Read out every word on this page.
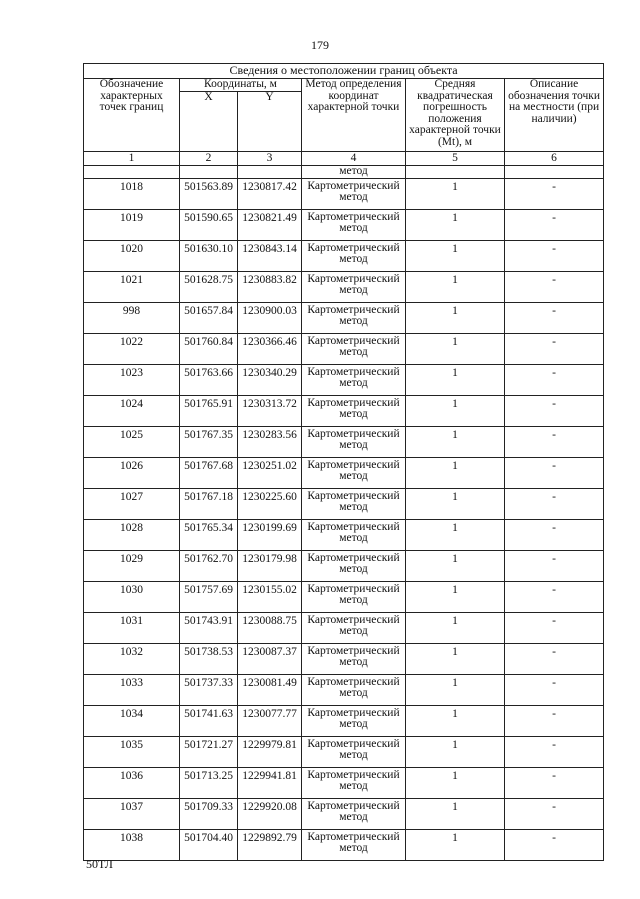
179
Сведения о местоположении границ объекта					
Обозначение характерных точек границ	Координаты, м		Метод определения координат характерной точки	Средняя квадратическая погрешность положения характерной точки (Mt), м	Описание обозначения точки на местности (при наличии)
	X	Y			
1	2	3	4	5	6
			метод		
1018	501563.89	1230817.42	Картометрический метод	1	-
1019	501590.65	1230821.49	Картометрический метод	1	-
1020	501630.10	1230843.14	Картометрический метод	1	-
1021	501628.75	1230883.82	Картометрический метод	1	-
998	501657.84	1230900.03	Картометрический метод	1	-
1022	501760.84	1230366.46	Картометрический метод	1	-
1023	501763.66	1230340.29	Картометрический метод	1	-
1024	501765.91	1230313.72	Картометрический метод	1	-
1025	501767.35	1230283.56	Картометрический метод	1	-
1026	501767.68	1230251.02	Картометрический метод	1	-
1027	501767.18	1230225.60	Картометрический метод	1	-
1028	501765.34	1230199.69	Картометрический метод	1	-
1029	501762.70	1230179.98	Картометрический метод	1	-
1030	501757.69	1230155.02	Картометрический метод	1	-
1031	501743.91	1230088.75	Картометрический метод	1	-
1032	501738.53	1230087.37	Картометрический метод	1	-
1033	501737.33	1230081.49	Картометрический метод	1	-
1034	501741.63	1230077.77	Картометрический метод	1	-
1035	501721.27	1229979.81	Картометрический метод	1	-
1036	501713.25	1229941.81	Картометрический метод	1	-
1037	501709.33	1229920.08	Картометрический метод	1	-
1038	501704.40	1229892.79	Картометрический метод	1	-
50ТЛ
